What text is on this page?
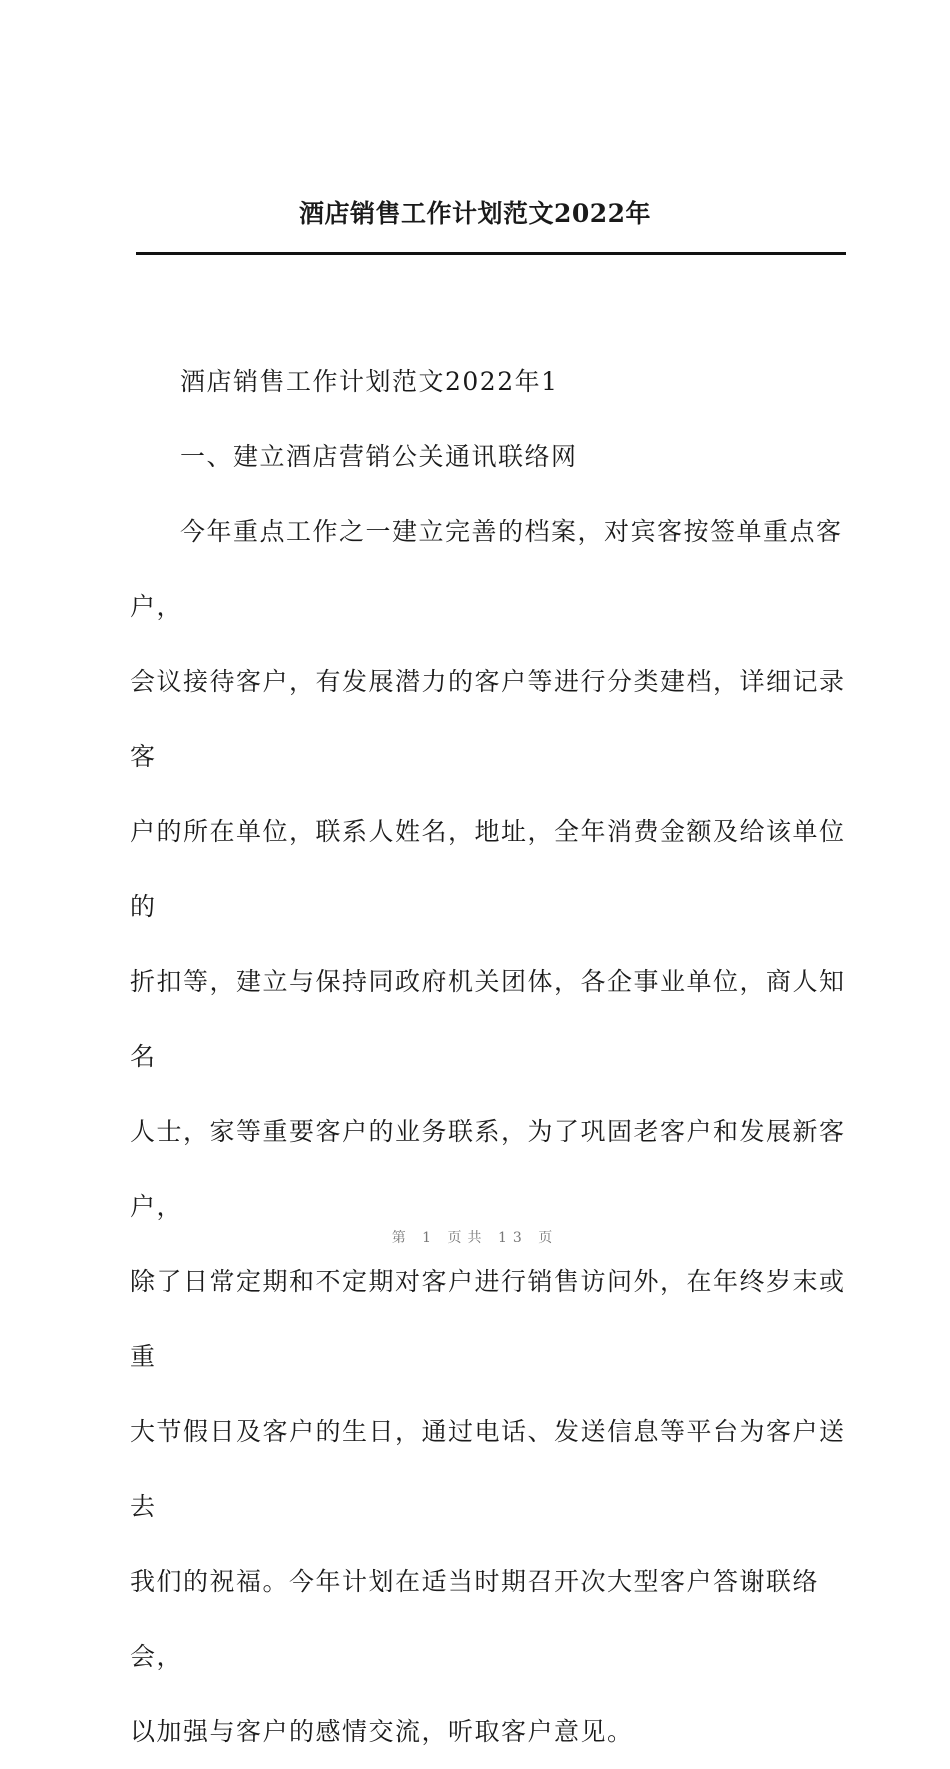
酒店销售工作计划范文2022年

酒店销售工作计划范文2022年1

一、建立酒店营销公关通讯联络网

今年重点工作之一建立完善的档案，对宾客按签单重点客户，

会议接待客户，有发展潜力的客户等进行分类建档，详细记录客

户的所在单位，联系人姓名，地址，全年消费金额及给该单位的

折扣等，建立与保持同政府机关团体，各企事业单位，商人知名

人士，家等重要客户的业务联系，为了巩固老客户和发展新客户，

除了日常定期和不定期对客户进行销售访问外，在年终岁末或重

大节假日及客户的生日，通过电话、发送信息等平台为客户送去

我们的祝福。今年计划在适当时期召开次大型客户答谢联络会，

以加强与客户的感情交流，听取客户意见。

第 1 页共 13 页
